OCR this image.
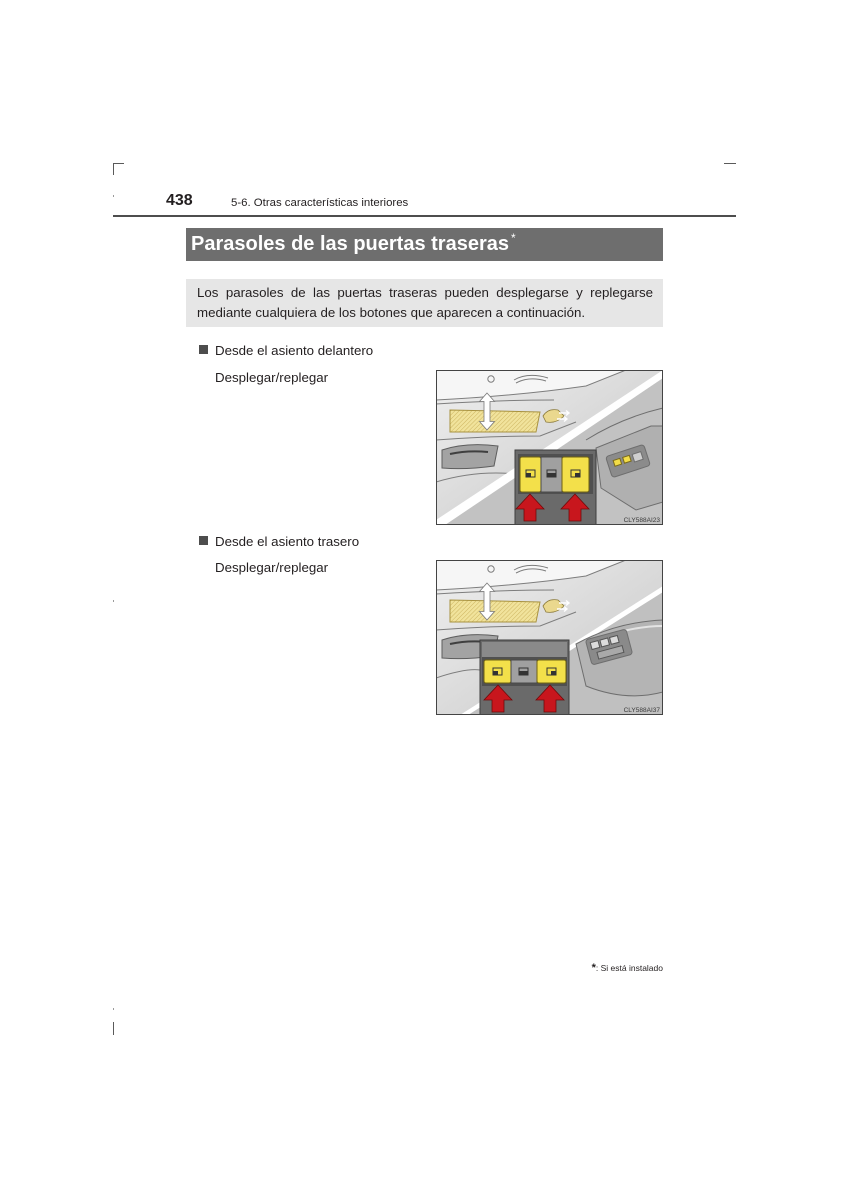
438	5-6. Otras características interiores
Parasoles de las puertas traseras *
Los parasoles de las puertas traseras pueden desplegarse y replegarse mediante cualquiera de los botones que aparecen a continuación.
Desde el asiento delantero
Desplegar/replegar
CLY588AI23
Desde el asiento trasero
Desplegar/replegar
CLY588AI37
*: Si está instalado
